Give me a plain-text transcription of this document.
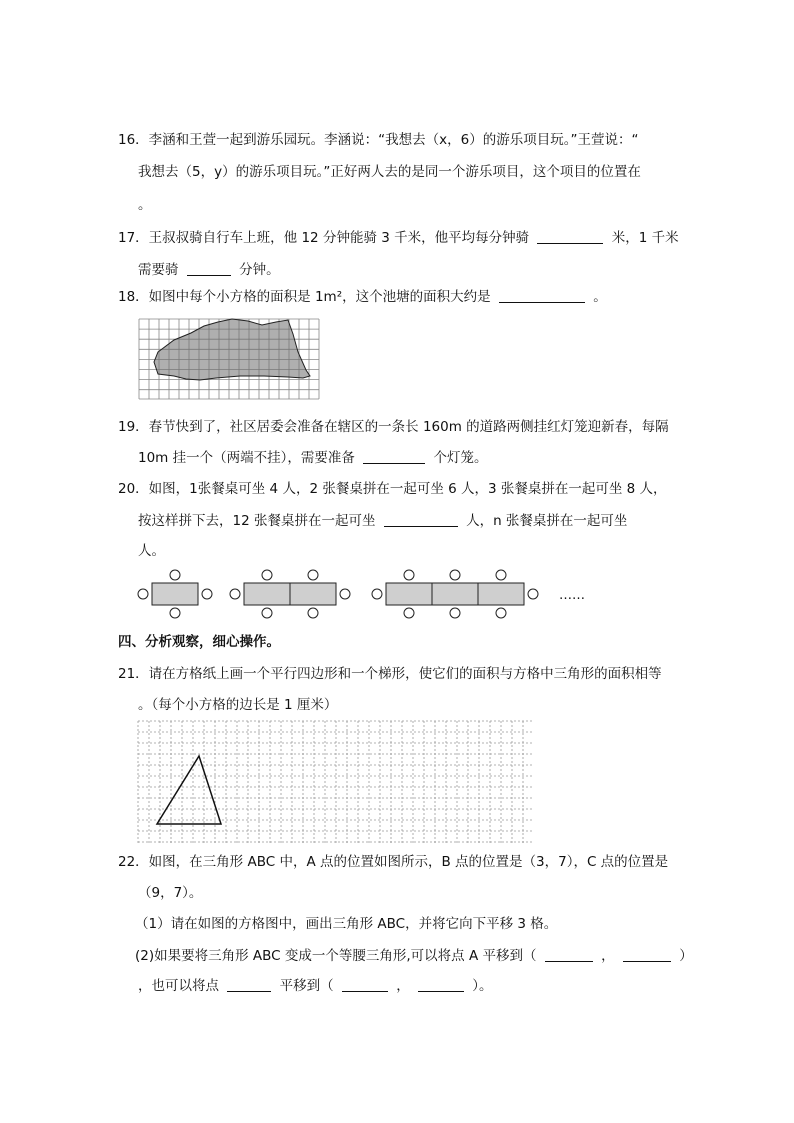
16．李涵和王萱一起到游乐园玩。李涵说：“我想去（x，6）的游乐项目玩。”王萱说：“
我想去（5，y）的游乐项目玩。”正好两人去的是同一个游乐项目，这个项目的位置在
。
17．王叔叔骑自行车上班，他 12 分钟能骑 3 千米，他平均每分钟骑	米，1 千米
需要骑	分钟。
18．如图中每个小方格的面积是 1m²，这个池塘的面积大约是	。
19．春节快到了，社区居委会准备在辖区的一条长 160m 的道路两侧挂红灯笼迎新春，每隔
10m 挂一个（两端不挂），需要准备	个灯笼。
20．如图，1张餐桌可坐 4 人，2 张餐桌拼在一起可坐 6 人，3 张餐桌拼在一起可坐 8 人，
按这样拼下去，12 张餐桌拼在一起可坐	人，n 张餐桌拼在一起可坐
人。
……
四、分析观察，细心操作。
21．请在方格纸上画一个平行四边形和一个梯形，使它们的面积与方格中三角形的面积相等
。（每个小方格的边长是 1 厘米）
22．如图，在三角形 ABC 中，A 点的位置如图所示，B 点的位置是（3，7），C 点的位置是
（9，7）。
（1）请在如图的方格图中，画出三角形 ABC，并将它向下平移 3 格。
(2)如果要将三角形 ABC 变成一个等腰三角形,可以将点 A 平移到（	，	）
，也可以将点	平移到（	，	）。
